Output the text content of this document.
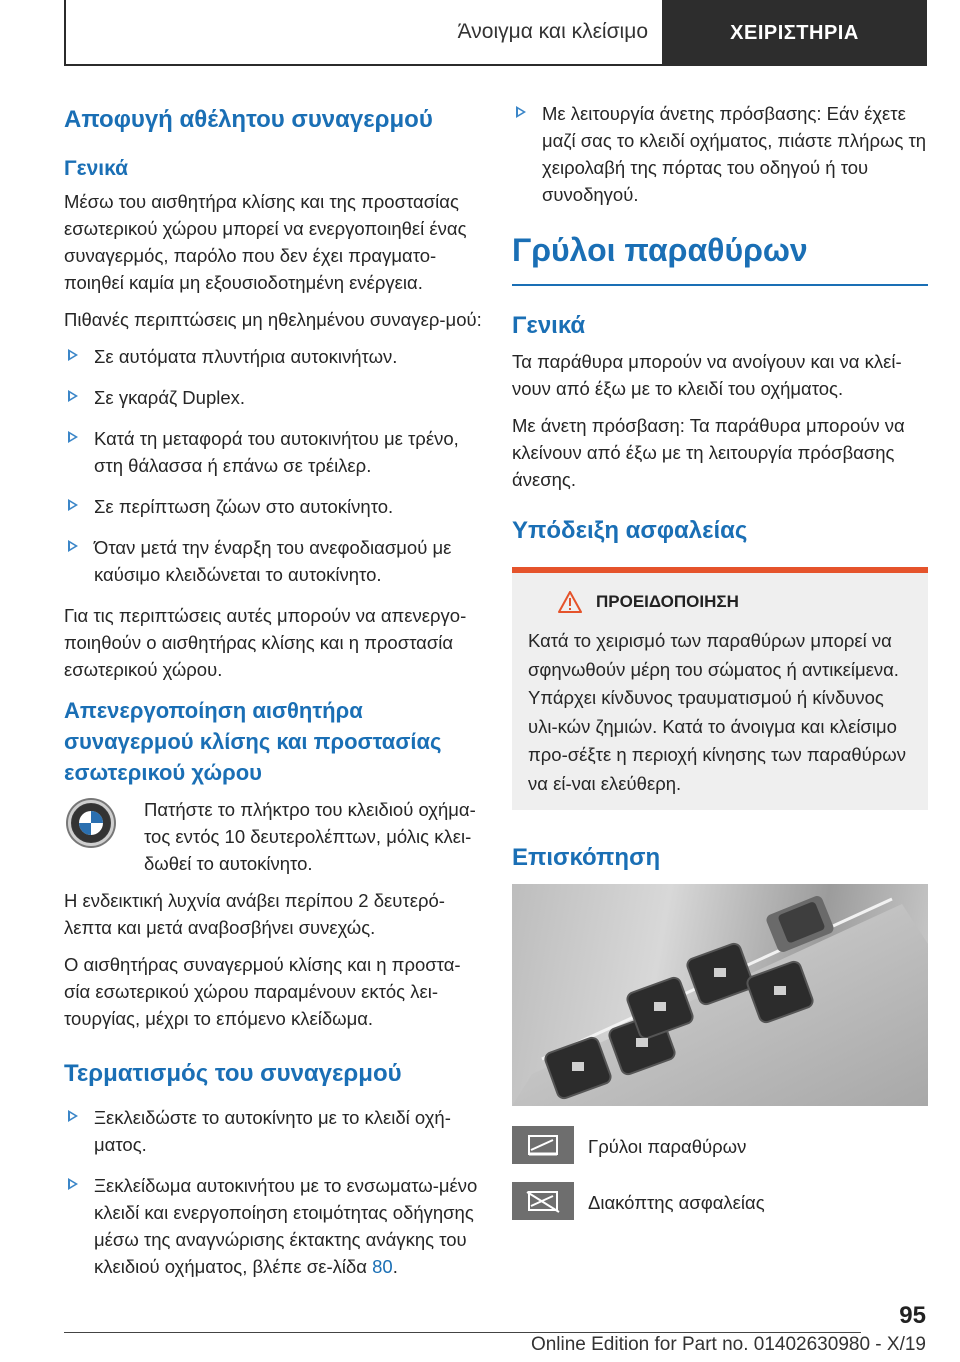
Άνοιγμα και κλείσιμο	ΧΕΙΡΙΣΤΗΡΙΑ
Αποφυγή αθέλητου συναγερμού
Γενικά

Μέσω του αισθητήρα κλίσης και της προστασίας εσωτερικού χώρου μπορεί να ενεργοποιηθεί ένας συναγερμός, παρόλο που δεν έχει πραγματο-ποιηθεί καμία μη εξουσιοδοτημένη ενέργεια.

Πιθανές περιπτώσεις μη ηθελημένου συναγερ-μού:

Σε αυτόματα πλυντήρια αυτοκινήτων.
Σε γκαράζ Duplex.
Κατά τη μεταφορά του αυτοκινήτου με τρένο, στη θάλασσα ή επάνω σε τρέιλερ.
Σε περίπτωση ζώων στο αυτοκίνητο.
Όταν μετά την έναρξη του ανεφοδιασμού με καύσιμο κλειδώνεται το αυτοκίνητο.

Για τις περιπτώσεις αυτές μπορούν να απενεργο-ποιηθούν ο αισθητήρας κλίσης και η προστασία εσωτερικού χώρου.

Απενεργοποίηση αισθητήρα συναγερμού κλίσης και προστασίας εσωτερικού χώρου

Πατήστε το πλήκτρο του κλειδιού οχήμα-τος εντός 10 δευτερολέπτων, μόλις κλει-δωθεί το αυτοκίνητο.

Η ενδεικτική λυχνία ανάβει περίπου 2 δευτερό-λεπτα και μετά αναβοσβήνει συνεχώς.

Ο αισθητήρας συναγερμού κλίσης και η προστα-σία εσωτερικού χώρου παραμένουν εκτός λει-τουργίας, μέχρι το επόμενο κλείδωμα.

Τερματισμός του συναγερμού
Ξεκλειδώστε το αυτοκίνητο με το κλειδί οχή-ματος.
Ξεκλείδωμα αυτοκινήτου με το ενσωματω-μένο κλειδί και ενεργοποίηση ετοιμότητας οδήγησης μέσω της αναγνώρισης έκτακτης ανάγκης του κλειδιού οχήματος, βλέπε σε-λίδα 80.
Με λειτουργία άνετης πρόσβασης: Εάν έχετε μαζί σας το κλειδί οχήματος, πιάστε πλήρως τη χειρολαβή της πόρτας του οδηγού ή του συνοδηγού.
Γρύλοι παραθύρων
Γενικά

Τα παράθυρα μπορούν να ανοίγουν και να κλεί-νουν από έξω με το κλειδί του οχήματος.

Με άνετη πρόσβαση: Τα παράθυρα μπορούν να κλείνουν από έξω με τη λειτουργία πρόσβασης άνεσης.

Υπόδειξη ασφαλείας
ΠΡΟΕΙΔΟΠΟΙΗΣΗ

Κατά το χειρισμό των παραθύρων μπορεί να σφηνωθούν μέρη του σώματος ή αντικείμενα. Υπάρχει κίνδυνος τραυματισμού ή κίνδυνος υλι-κών ζημιών. Κατά το άνοιγμα και κλείσιμο προ-σέξτε η περιοχή κίνησης των παραθύρων να εί-ναι ελεύθερη.

Επισκόπηση
Γρύλοι παραθύρων
Διακόπτης ασφαλείας
95
Online Edition for Part no. 01402630980 - X/19
